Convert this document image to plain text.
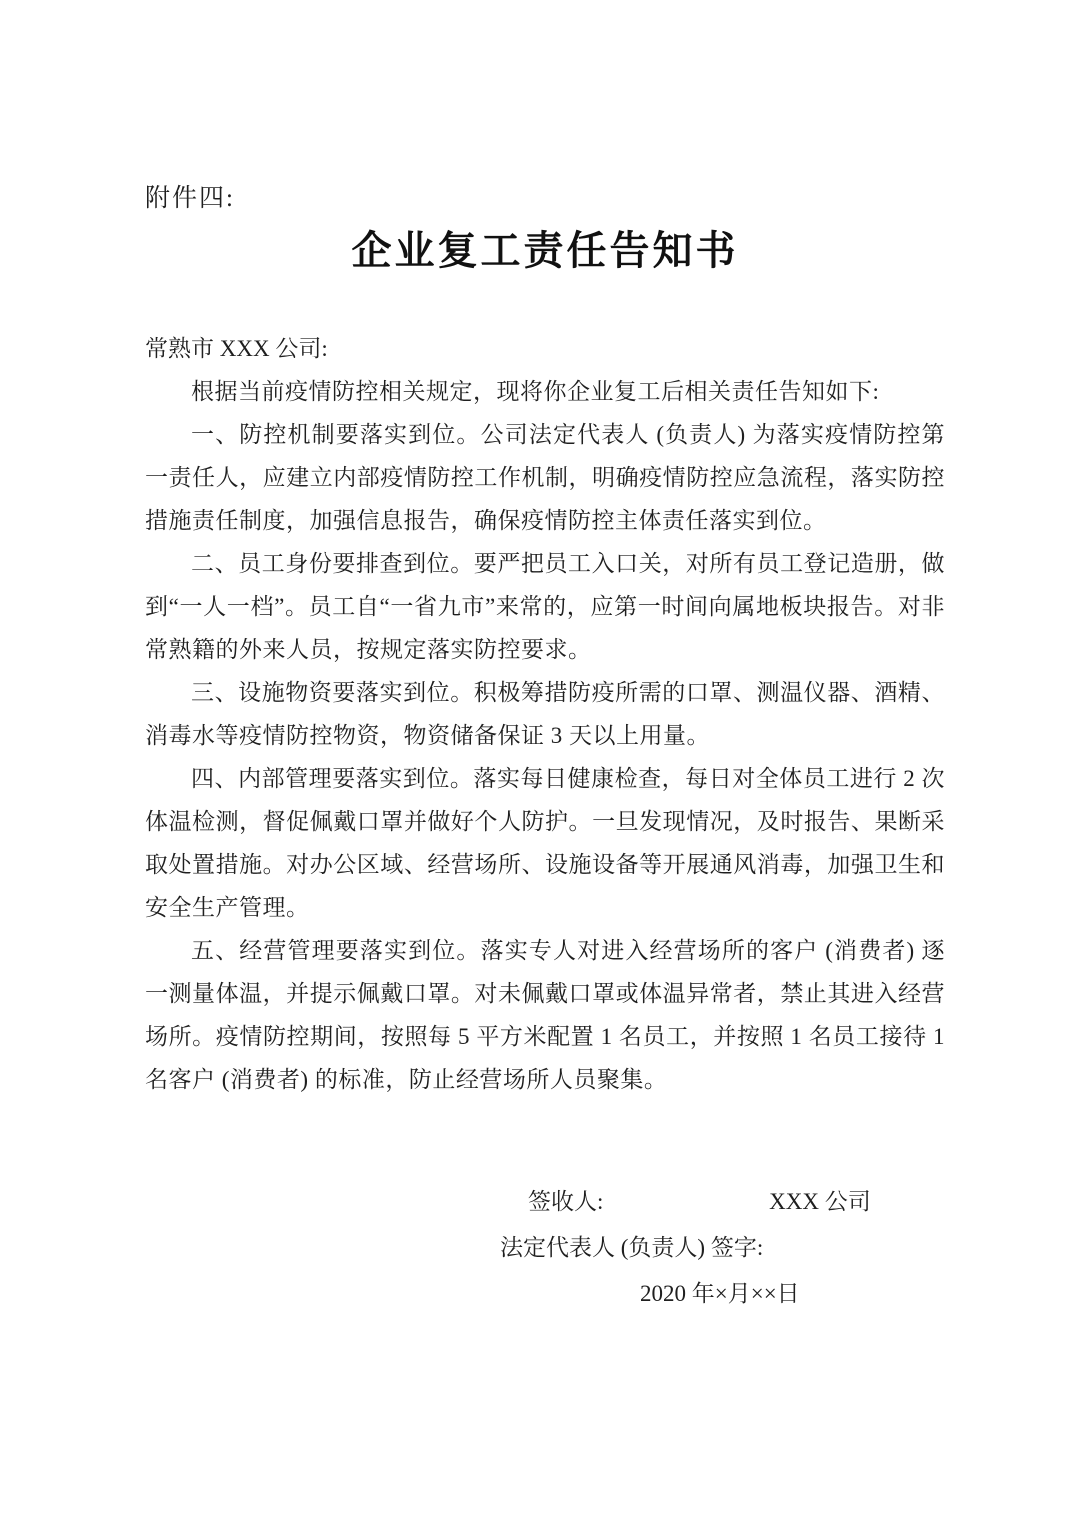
附件四:
企业复工责任告知书
常熟市 XXX 公司:

根据当前疫情防控相关规定，现将你企业复工后相关责任告知如下:

一、防控机制要落实到位。公司法定代表人 (负责人) 为落实疫情防控第一责任人，应建立内部疫情防控工作机制，明确疫情防控应急流程，落实防控措施责任制度，加强信息报告，确保疫情防控主体责任落实到位。

二、员工身份要排查到位。要严把员工入口关，对所有员工登记造册，做到“一人一档”。员工自“一省九市”来常的，应第一时间向属地板块报告。对非常熟籍的外来人员，按规定落实防控要求。

三、设施物资要落实到位。积极筹措防疫所需的口罩、测温仪器、酒精、消毒水等疫情防控物资，物资储备保证 3 天以上用量。

四、内部管理要落实到位。落实每日健康检查，每日对全体员工进行 2 次体温检测，督促佩戴口罩并做好个人防护。一旦发现情况，及时报告、果断采取处置措施。对办公区域、经营场所、设施设备等开展通风消毒，加强卫生和安全生产管理。

五、经营管理要落实到位。落实专人对进入经营场所的客户 (消费者) 逐一测量体温，并提示佩戴口罩。对未佩戴口罩或体温异常者，禁止其进入经营场所。疫情防控期间，按照每 5 平方米配置 1 名员工，并按照 1 名员工接待 1 名客户 (消费者) 的标准，防止经营场所人员聚集。

签收人:	XXX 公司
法定代表人 (负责人) 签字:
2020 年×月××日
